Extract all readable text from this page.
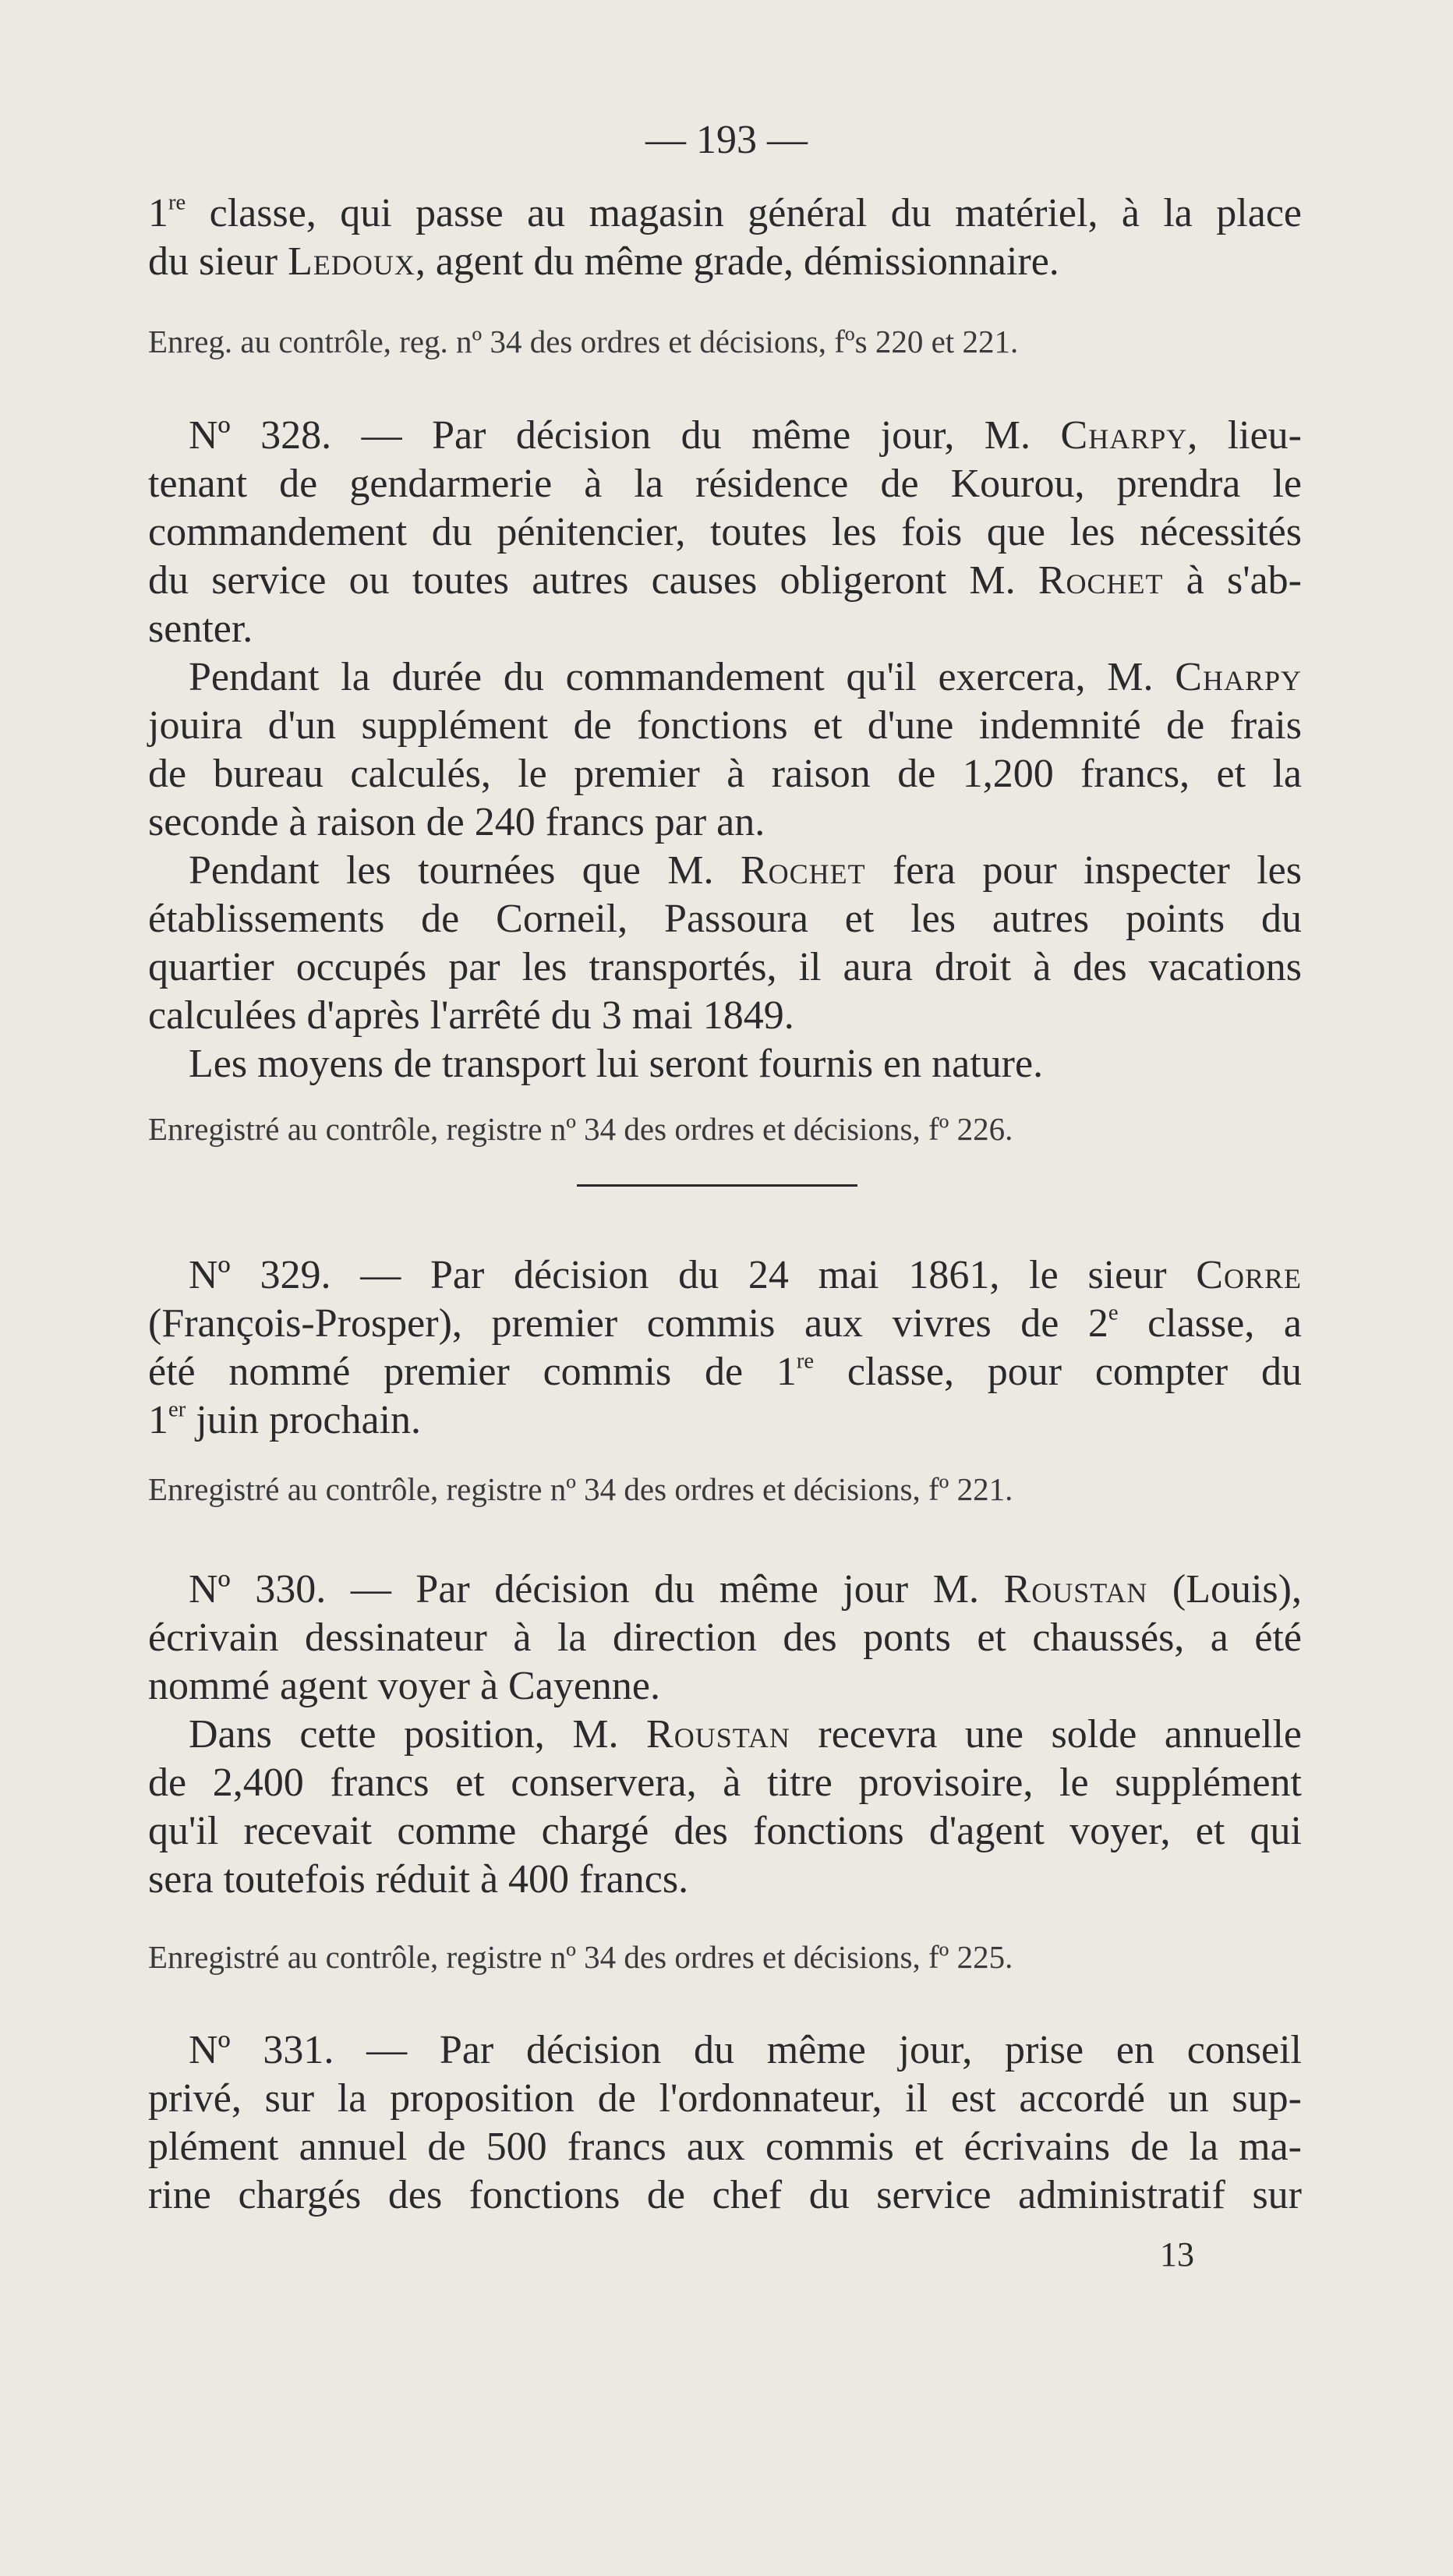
— 193 —
1re classe, qui passe au magasin général du matériel, à la place
du sieur Ledoux, agent du même grade, démissionnaire.
Enreg. au contrôle, reg. nº 34 des ordres et décisions, fºs 220 et 221.
Nº 328. — Par décision du même jour, M. Charpy, lieu-
tenant de gendarmerie à la résidence de Kourou, prendra le
commandement du pénitencier, toutes les fois que les nécessités
du service ou toutes autres causes obligeront M. Rochet à s'ab-
senter.
Pendant la durée du commandement qu'il exercera, M. Charpy
jouira d'un supplément de fonctions et d'une indemnité de frais
de bureau calculés, le premier à raison de 1,200 francs, et la
seconde à raison de 240 francs par an.
Pendant les tournées que M. Rochet fera pour inspecter les
établissements de Corneil, Passoura et les autres points du
quartier occupés par les transportés, il aura droit à des vacations
calculées d'après l'arrêté du 3 mai 1849.
Les moyens de transport lui seront fournis en nature.
Enregistré au contrôle, registre nº 34 des ordres et décisions, fº 226.
Nº 329. — Par décision du 24 mai 1861, le sieur Corre
(François-Prosper), premier commis aux vivres de 2e classe, a
été nommé premier commis de 1re classe, pour compter du
1er juin prochain.
Enregistré au contrôle, registre nº 34 des ordres et décisions, fº 221.
Nº 330. — Par décision du même jour M. Roustan (Louis),
écrivain dessinateur à la direction des ponts et chaussés, a été
nommé agent voyer à Cayenne.
Dans cette position, M. Roustan recevra une solde annuelle
de 2,400 francs et conservera, à titre provisoire, le supplément
qu'il recevait comme chargé des fonctions d'agent voyer, et qui
sera toutefois réduit à 400 francs.
Enregistré au contrôle, registre nº 34 des ordres et décisions, fº 225.
Nº 331. — Par décision du même jour, prise en conseil
privé, sur la proposition de l'ordonnateur, il est accordé un sup-
plément annuel de 500 francs aux commis et écrivains de la ma-
rine chargés des fonctions de chef du service administratif sur
13
